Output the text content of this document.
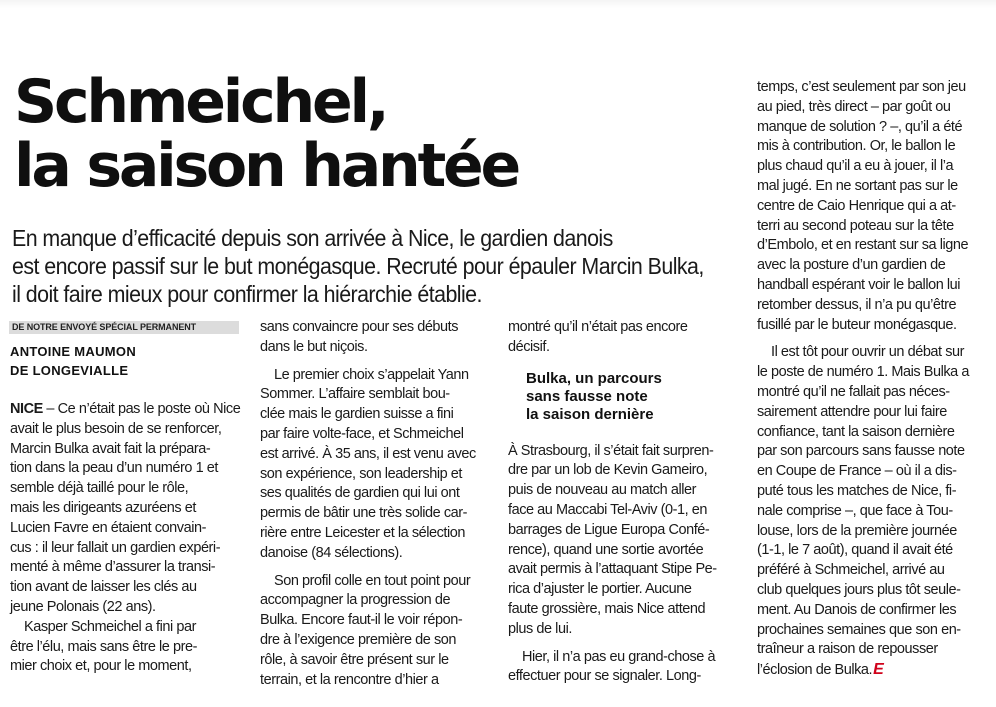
Schmeichel,
la saison hantée

En manque d’efficacité depuis son arrivée à Nice, le gardien danois
est encore passif sur le but monégasque. Recruté pour épauler Marcin Bulka,
il doit faire mieux pour confirmer la hiérarchie établie.

DE NOTRE ENVOYÉ SPÉCIAL PERMANENT
ANTOINE MAUMON
DE LONGEVIALLE
NICE – Ce n’était pas le poste où Nice
avait le plus besoin de se renforcer,
Marcin Bulka avait fait la prépara-
tion dans la peau d’un numéro 1 et
semble déjà taillé pour le rôle,
mais les dirigeants azuréens et
Lucien Favre en étaient convain-
cus : il leur fallait un gardien expéri-
menté à même d’assurer la transi-
tion avant de laisser les clés au
jeune Polonais (22 ans).
Kasper Schmeichel a fini par
être l’élu, mais sans être le pre-
mier choix et, pour le moment,
sans convaincre pour ses débuts
dans le but niçois.
Le premier choix s’appelait Yann
Sommer. L’affaire semblait bou-
clée mais le gardien suisse a fini
par faire volte-face, et Schmeichel
est arrivé. À 35 ans, il est venu avec
son expérience, son leadership et
ses qualités de gardien qui lui ont
permis de bâtir une très solide car-
rière entre Leicester et la sélection
danoise (84 sélections).
Son profil colle en tout point pour
accompagner la progression de
Bulka. Encore faut-il le voir répon-
dre à l’exigence première de son
rôle, à savoir être présent sur le
terrain, et la rencontre d’hier a
montré qu’il n’était pas encore
décisif.
À Strasbourg, il s’était fait surpren-
dre par un lob de Kevin Gameiro,
puis de nouveau au match aller
face au Maccabi Tel-Aviv (0-1, en
barrages de Ligue Europa Confé-
rence), quand une sortie avortée
avait permis à l’attaquant Stipe Pe-
rica d’ajuster le portier. Aucune
faute grossière, mais Nice attend
plus de lui.
Hier, il n’a pas eu grand-chose à
effectuer pour se signaler. Long-
Bulka, un parcours
sans fausse note
la saison dernière
temps, c’est seulement par son jeu
au pied, très direct – par goût ou
manque de solution ? –, qu’il a été
mis à contribution. Or, le ballon le
plus chaud qu’il a eu à jouer, il l’a
mal jugé. En ne sortant pas sur le
centre de Caio Henrique qui a at-
terri au second poteau sur la tête
d’Embolo, et en restant sur sa ligne
avec la posture d’un gardien de
handball espérant voir le ballon lui
retomber dessus, il n’a pu qu’être
fusillé par le buteur monégasque.
Il est tôt pour ouvrir un débat sur
le poste de numéro 1. Mais Bulka a
montré qu’il ne fallait pas néces-
sairement attendre pour lui faire
confiance, tant la saison dernière
par son parcours sans fausse note
en Coupe de France – où il a dis-
puté tous les matches de Nice, fi-
nale comprise –, que face à Tou-
louse, lors de la première journée
(1-1, le 7 août), quand il avait été
préféré à Schmeichel, arrivé au
club quelques jours plus tôt seule-
ment. Au Danois de confirmer les
prochaines semaines que son en-
traîneur a raison de repousser
l’éclosion de Bulka.E
